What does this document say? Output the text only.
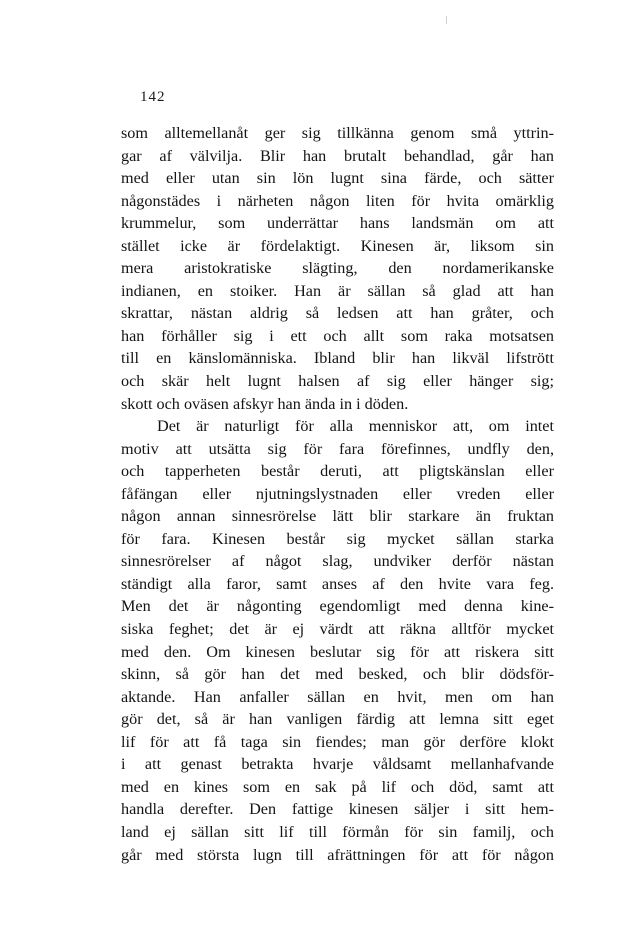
142
som alltemellanåt ger sig tillkänna genom små yttrin-
gar af välvilja. Blir han brutalt behandlad, går han
med eller utan sin lön lugnt sina färde, och sätter
någonstädes i närheten någon liten för hvita omärklig
krummelur, som underrättar hans landsmän om att
stället icke är fördelaktigt. Kinesen är, liksom sin
mera aristokratiske slägting, den nordamerikanske
indianen, en stoiker. Han är sällan så glad att han
skrattar, nästan aldrig så ledsen att han gråter, och
han förhåller sig i ett och allt som raka motsatsen
till en känslomänniska. Ibland blir han likväl lifstrött
och skär helt lugnt halsen af sig eller hänger sig;
skott och oväsen afskyr han ända in i döden.
Det är naturligt för alla menniskor att, om intet
motiv att utsätta sig för fara förefinnes, undfly den,
och tapperheten består deruti, att pligtskänslan eller
fåfängan eller njutningslystnaden eller vreden eller
någon annan sinnesrörelse lätt blir starkare än fruktan
för fara. Kinesen består sig mycket sällan starka
sinnesrörelser af något slag, undviker derför nästan
ständigt alla faror, samt anses af den hvite vara feg.
Men det är någonting egendomligt med denna kine-
siska feghet; det är ej värdt att räkna alltför mycket
med den. Om kinesen beslutar sig för att riskera sitt
skinn, så gör han det med besked, och blir dödsför-
aktande. Han anfaller sällan en hvit, men om han
gör det, så är han vanligen färdig att lemna sitt eget
lif för att få taga sin fiendes; man gör derföre klokt
i att genast betrakta hvarje våldsamt mellanhafvande
med en kines som en sak på lif och död, samt att
handla derefter. Den fattige kinesen säljer i sitt hem-
land ej sällan sitt lif till förmån för sin familj, och
går med största lugn till afrättningen för att för någon
